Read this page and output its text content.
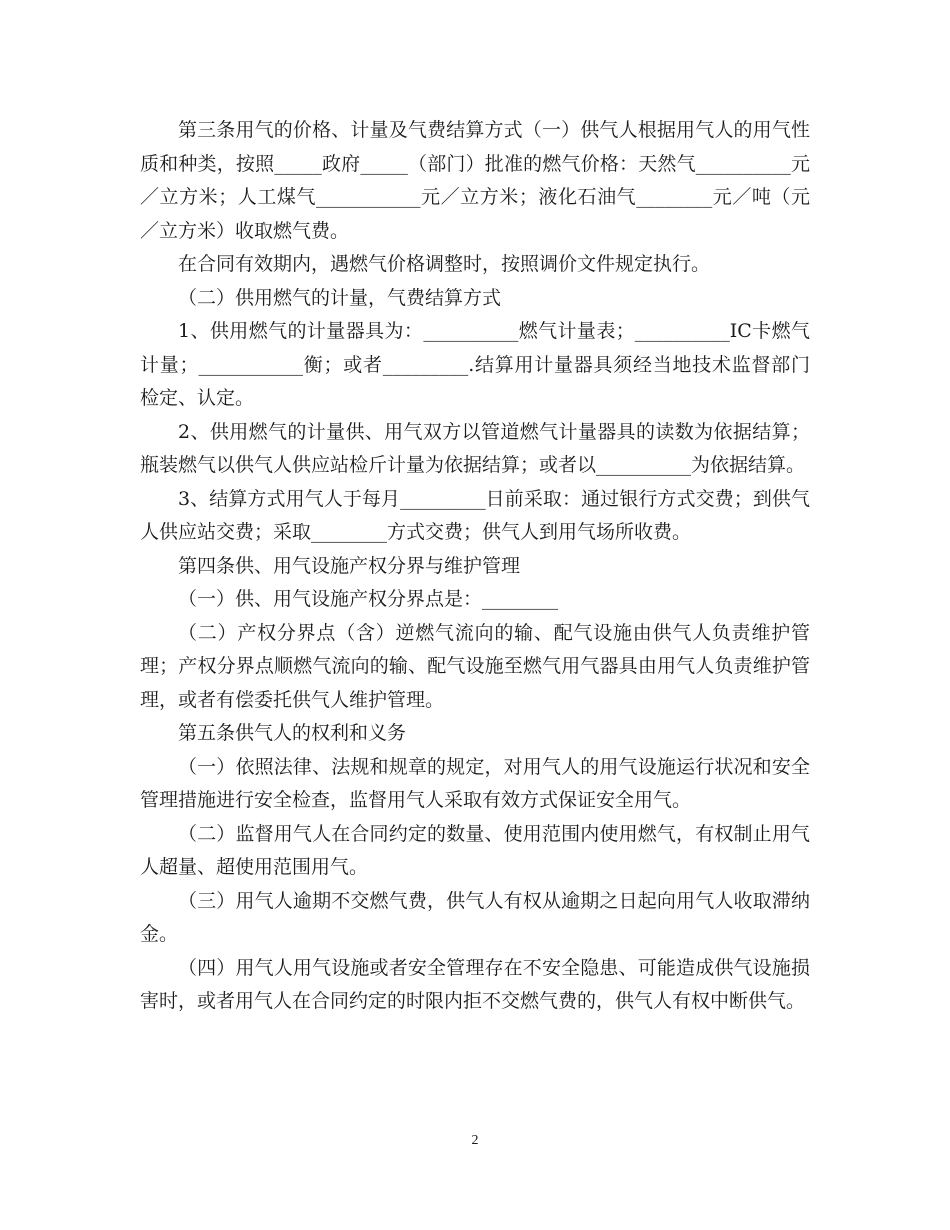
第三条用气的价格、计量及气费结算方式（一）供气人根据用气人的用气性质和种类，按照_____政府_____（部门）批准的燃气价格：天然气__________元／立方米；人工煤气___________元／立方米；液化石油气________元／吨（元／立方米）收取燃气费。

在合同有效期内，遇燃气价格调整时，按照调价文件规定执行。

（二）供用燃气的计量，气费结算方式

1、供用燃气的计量器具为：__________燃气计量表；__________IC卡燃气计量；___________衡；或者_________.结算用计量器具须经当地技术监督部门检定、认定。

2、供用燃气的计量供、用气双方以管道燃气计量器具的读数为依据结算；瓶装燃气以供气人供应站检斤计量为依据结算；或者以__________为依据结算。

3、结算方式用气人于每月_________日前采取：通过银行方式交费；到供气人供应站交费；采取________方式交费；供气人到用气场所收费。

第四条供、用气设施产权分界与维护管理

（一）供、用气设施产权分界点是：________

（二）产权分界点（含）逆燃气流向的输、配气设施由供气人负责维护管理；产权分界点顺燃气流向的输、配气设施至燃气用气器具由用气人负责维护管理，或者有偿委托供气人维护管理。

第五条供气人的权利和义务

（一）依照法律、法规和规章的规定，对用气人的用气设施运行状况和安全管理措施进行安全检查，监督用气人采取有效方式保证安全用气。

（二）监督用气人在合同约定的数量、使用范围内使用燃气，有权制止用气人超量、超使用范围用气。

（三）用气人逾期不交燃气费，供气人有权从逾期之日起向用气人收取滞纳金。

（四）用气人用气设施或者安全管理存在不安全隐患、可能造成供气设施损害时，或者用气人在合同约定的时限内拒不交燃气费的，供气人有权中断供气。

2
